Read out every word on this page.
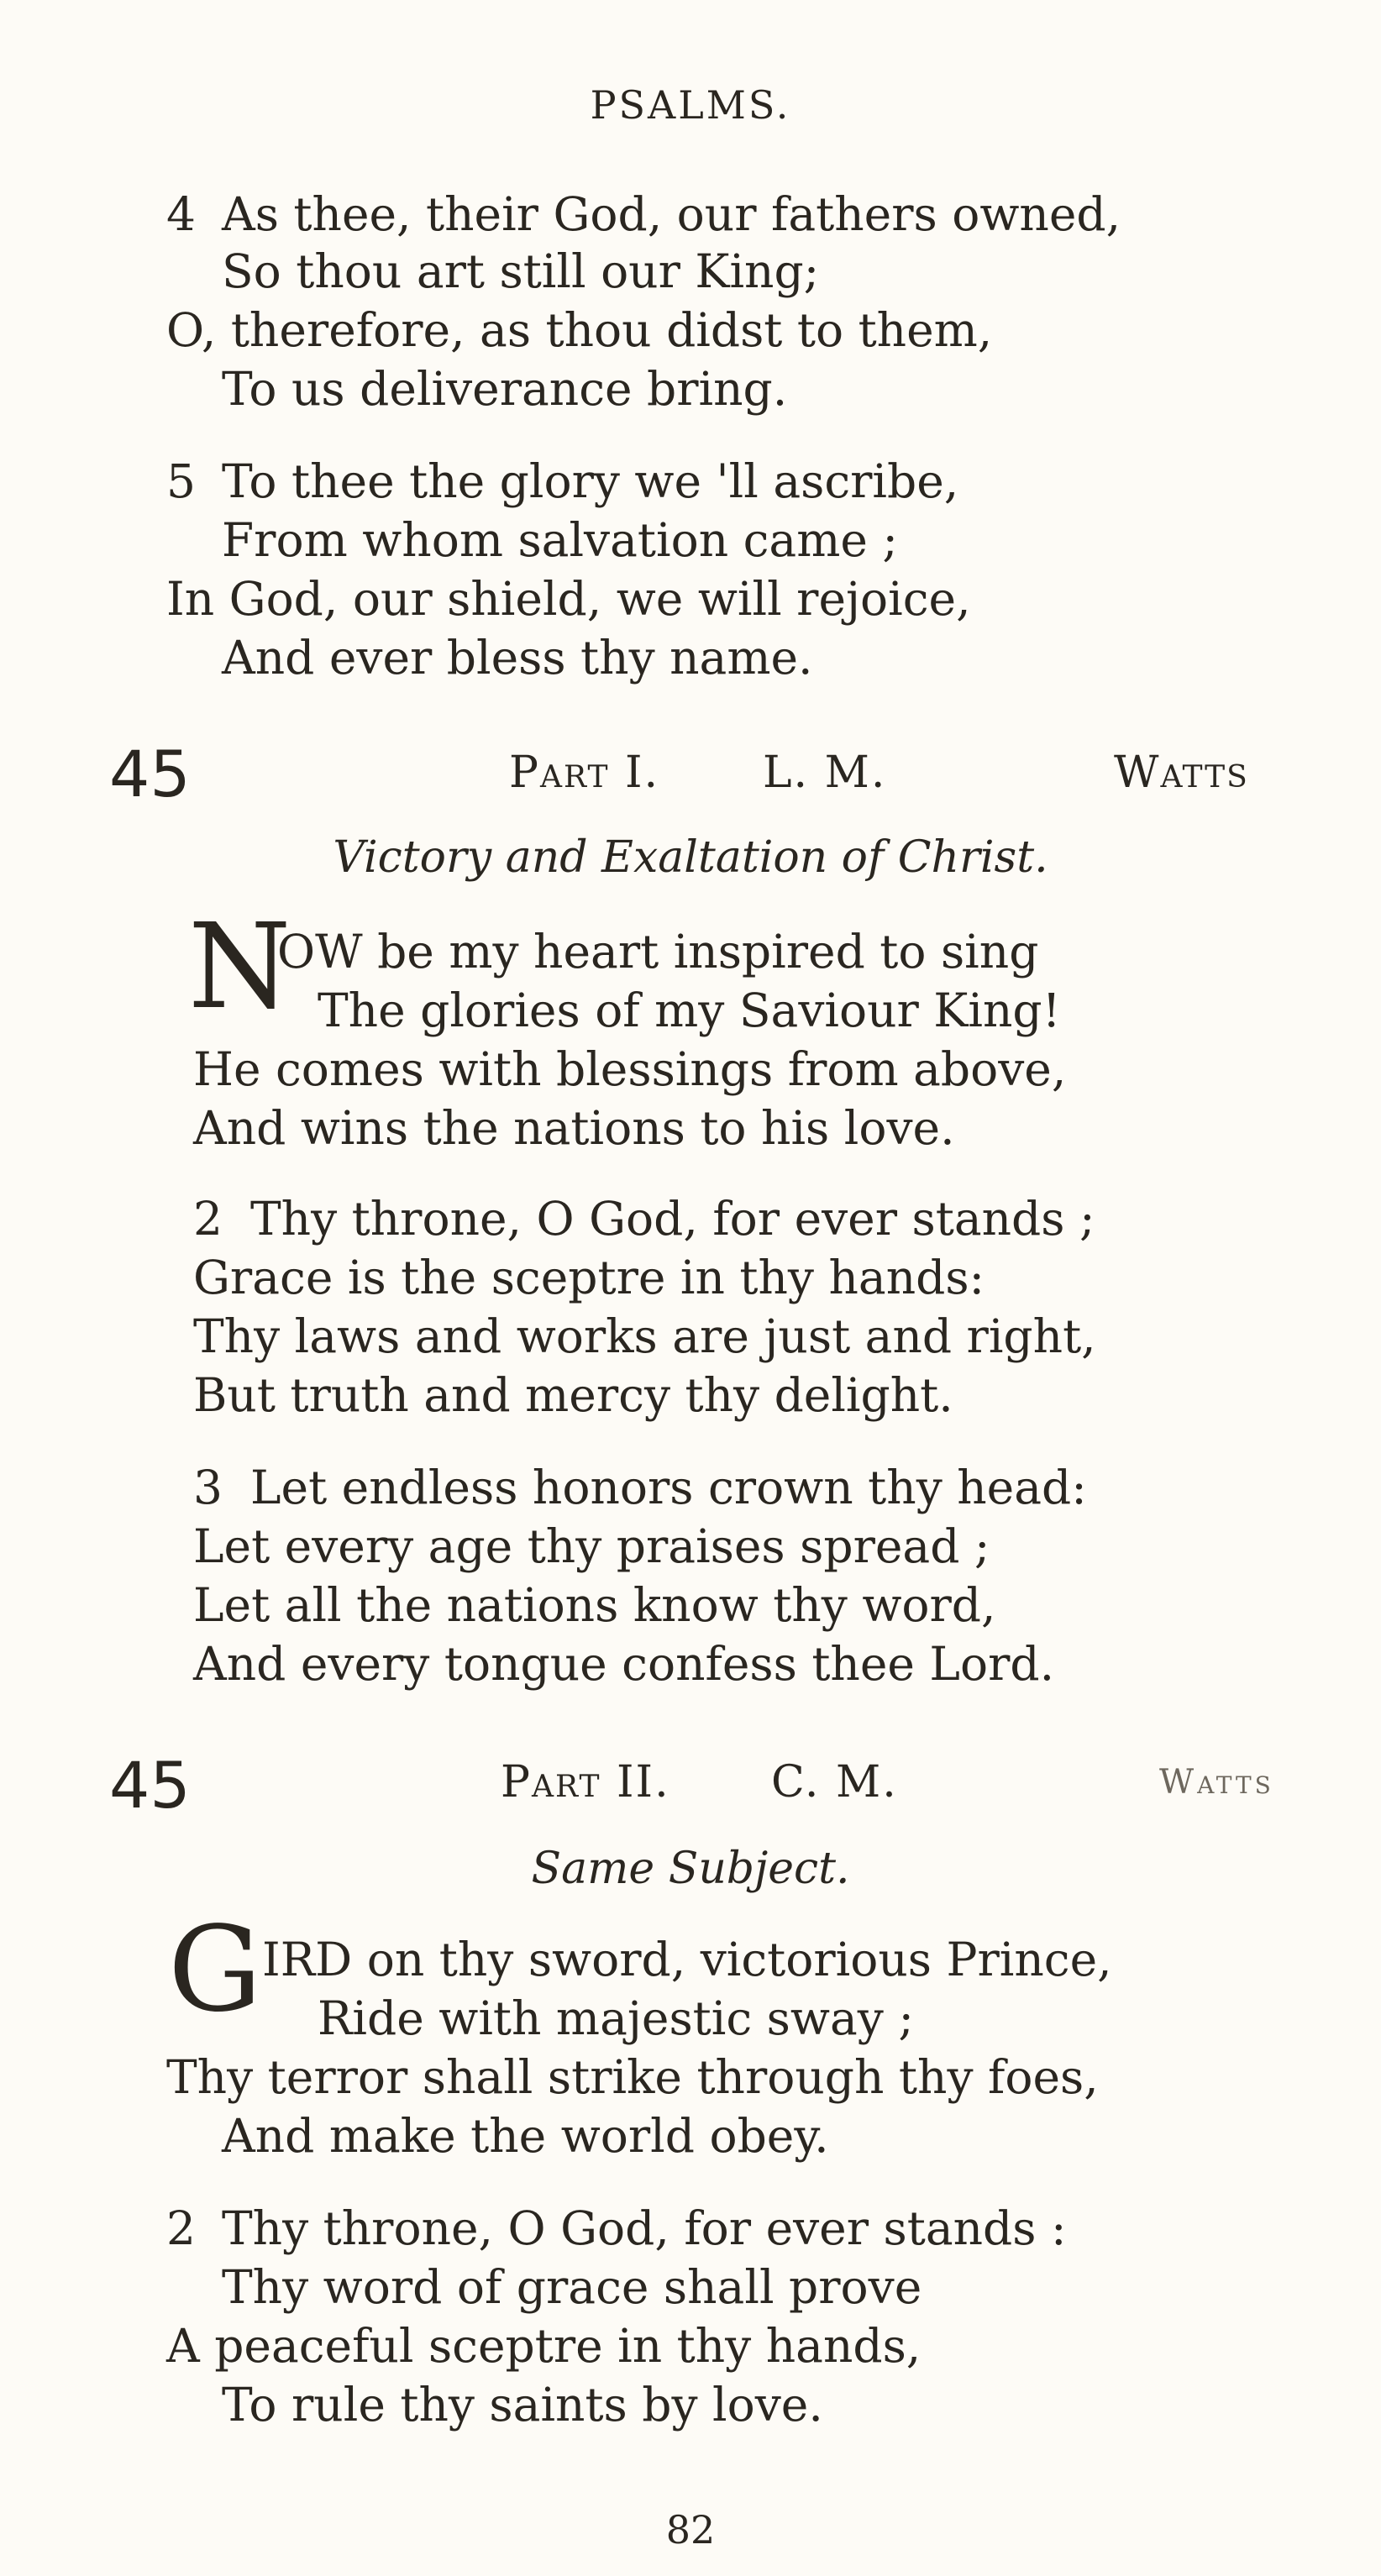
PSALMS.
4 As thee, their God, our fathers owned,
So thou art still our King;
O, therefore, as thou didst to them,
To us deliverance bring.
5 To thee the glory we 'll ascribe,
From whom salvation came ;
In God, our shield, we will rejoice,
And ever bless thy name.
45	Part I. L. M.	Watts
Victory and Exaltation of Christ.
N
OW be my heart inspired to sing
The glories of my Saviour King!
He comes with blessings from above,
And wins the nations to his love.
2 Thy throne, O God, for ever stands ;
Grace is the sceptre in thy hands:
Thy laws and works are just and right,
But truth and mercy thy delight.
3 Let endless honors crown thy head:
Let every age thy praises spread ;
Let all the nations know thy word,
And every tongue confess thee Lord.
45	Part II. C. M.	Watts
Same Subject.
G IRD on thy sword, victorious Prince,
Ride with majestic sway ;
Thy terror shall strike through thy foes,
And make the world obey.
2 Thy throne, O God, for ever stands :
Thy word of grace shall prove
A peaceful sceptre in thy hands,
To rule thy saints by love.
82
